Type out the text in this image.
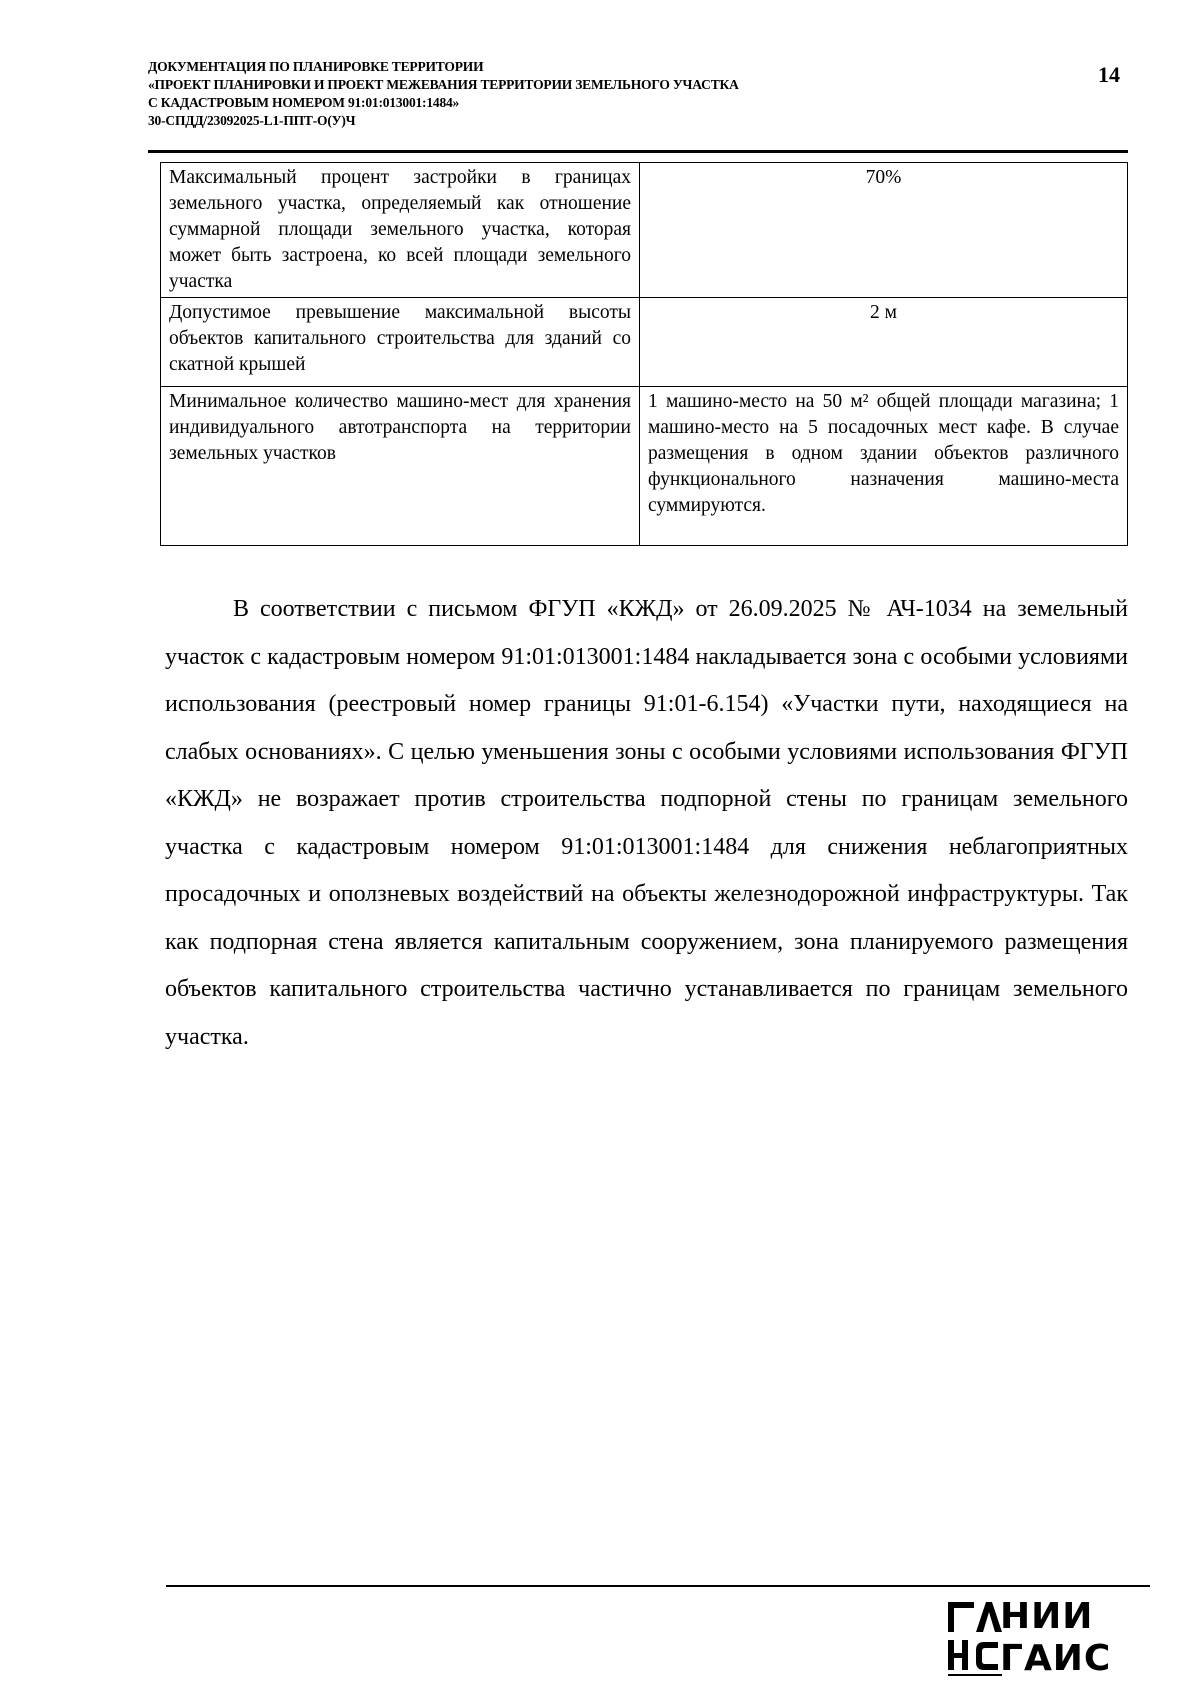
ДОКУМЕНТАЦИЯ ПО ПЛАНИРОВКЕ ТЕРРИТОРИИ
«ПРОЕКТ ПЛАНИРОВКИ И ПРОЕКТ МЕЖЕВАНИЯ ТЕРРИТОРИИ ЗЕМЕЛЬНОГО УЧАСТКА
С КАДАСТРОВЫМ НОМЕРОМ 91:01:013001:1484»
30-СПДД/23092025-L1-ППТ-О(У)Ч
14
Максимальный процент застройки в границах земельного участка, определяемый как отношение суммарной площади земельного участка, которая может быть застроена, ко всей площади земельного участка	70%
Допустимое превышение максимальной высоты объектов капитального строительства для зданий со скатной крышей	2 м
Минимальное количество машино-мест для хранения индивидуального автотранспорта на территории земельных участков	1 машино-место на 50 м² общей площади магазина; 1 машино-место на 5 посадочных мест кафе. В случае размещения в одном здании объектов различного функционального назначения машино-места суммируются.

В соответствии с письмом ФГУП «КЖД» от 26.09.2025 № АЧ-1034 на земельный участок с кадастровым номером 91:01:013001:1484 накладывается зона с особыми условиями использования (реестровый номер границы 91:01-6.154) «Участки пути, находящиеся на слабых основаниях». С целью уменьшения зоны с особыми условиями использования ФГУП «КЖД» не возражает против строительства подпорной стены по границам земельного участка с кадастровым номером 91:01:013001:1484 для снижения неблагоприятных просадочных и оползневых воздействий на объекты железнодорожной инфраструктуры. Так как подпорная стена является капитальным сооружением, зона планируемого размещения объектов капитального строительства частично устанавливается по границам земельного участка.

НИИ
ГАИС
